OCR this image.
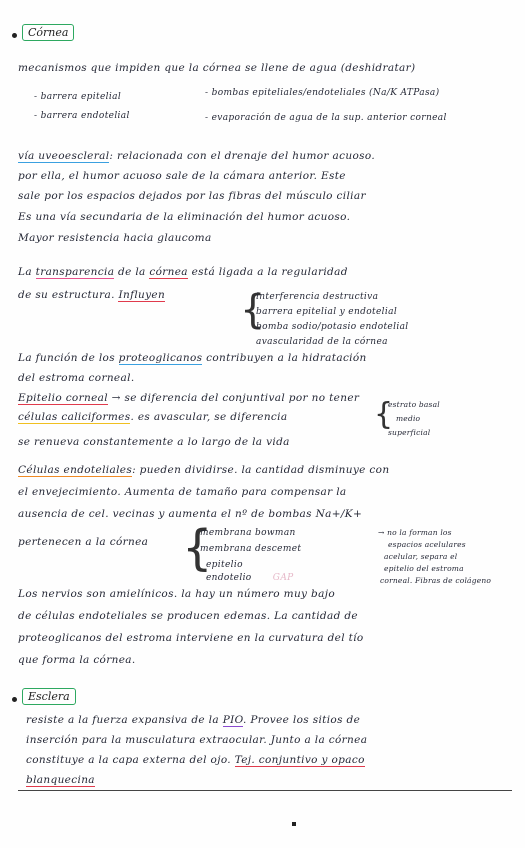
Córnea
mecanismos que impiden que la córnea se llene de agua (deshidratar)
- barrera epitelial
- barrera endotelial
- bombas epiteliales/endoteliales (Na/K ATPasa)
- evaporación de agua de la sup. anterior corneal
vía uveoescleral: relacionada con el drenaje del humor acuoso.
por ella, el humor acuoso sale de la cámara anterior. Este
sale por los espacios dejados por las fibras del músculo ciliar
Es una vía secundaria de la eliminación del humor acuoso.
Mayor resistencia hacia glaucoma
La transparencia de la córnea está ligada a la regularidad
de su estructura. Influyen {
interferencia destructiva
barrera epitelial y endotelial
bomba sodio/potasio endotelial
avascularidad de la córnea
La función de los proteoglicanos contribuyen a la hidratación
del estroma corneal.
Epitelio corneal → se diferencia del conjuntival por no tener
células caliciformes. es avascular, se diferencia	{
estrato basal
medio
superficial
se renueva constantemente a lo largo de la vida
Células endoteliales: pueden dividirse. la cantidad disminuye con
el envejecimiento. Aumenta de tamaño para compensar la
ausencia de cel. vecinas y aumenta el nº de bombas Na+/K+
pertenecen a la córnea {
membrana bowman
membrana descemet
epitelio
endotelio GAP
→ no la forman los
espacios acelulares
acelular, separa el
epitelio del estroma
corneal. Fibras de colágeno
Los nervios son amielínicos. la hay un número muy bajo
de células endoteliales se producen edemas. La cantidad de
proteoglicanos del estroma interviene en la curvatura del tío
que forma la córnea.
Esclera
resiste a la fuerza expansiva de la PIO. Provee los sitios de
inserción para la musculatura extraocular. Junto a la córnea
constituye a la capa externa del ojo. Tej. conjuntivo y opaco
blanquecina
